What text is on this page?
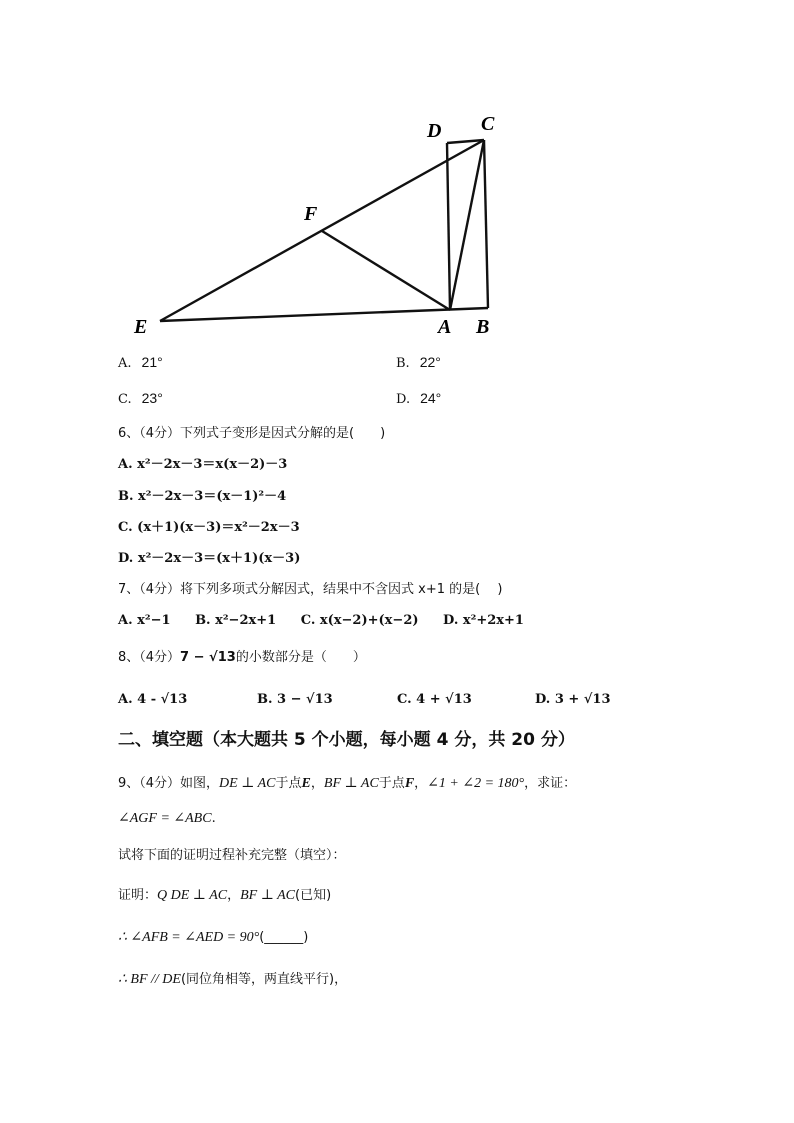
D C
F
E	A B
A. 21°	B. 22°
C. 23°	D. 24°
6、（4分）下列式子变形是因式分解的是(　　)
A. x²－2x－3＝x(x－2)－3
B. x²－2x－3＝(x－1)²－4
C. (x＋1)(x－3)＝x²－2x－3
D. x²－2x－3＝(x＋1)(x－3)
7、（4分）将下列多项式分解因式，结果中不含因式 x+1 的是(　 )
A. x²−1 B. x²−2x+1 C. x(x−2)+(x−2) D. x²+2x+1
8、（4分）7 − √13的小数部分是（　　）
A. 4 - √13	B. 3 − √13	C. 4 + √13	D. 3 + √13
二、填空题（本大题共 5 个小题，每小题 4 分，共 20 分）
9、（4分）如图，DE ⊥ AC于点E，BF ⊥ AC于点F，∠1 + ∠2 = 180°，求证：
∠AGF = ∠ABC.
试将下面的证明过程补充完整（填空）：
证明：Q DE ⊥ AC，BF ⊥ AC(已知)
∴ ∠AFB = ∠AED = 90°(______)
∴ BF // DE(同位角相等，两直线平行)，
